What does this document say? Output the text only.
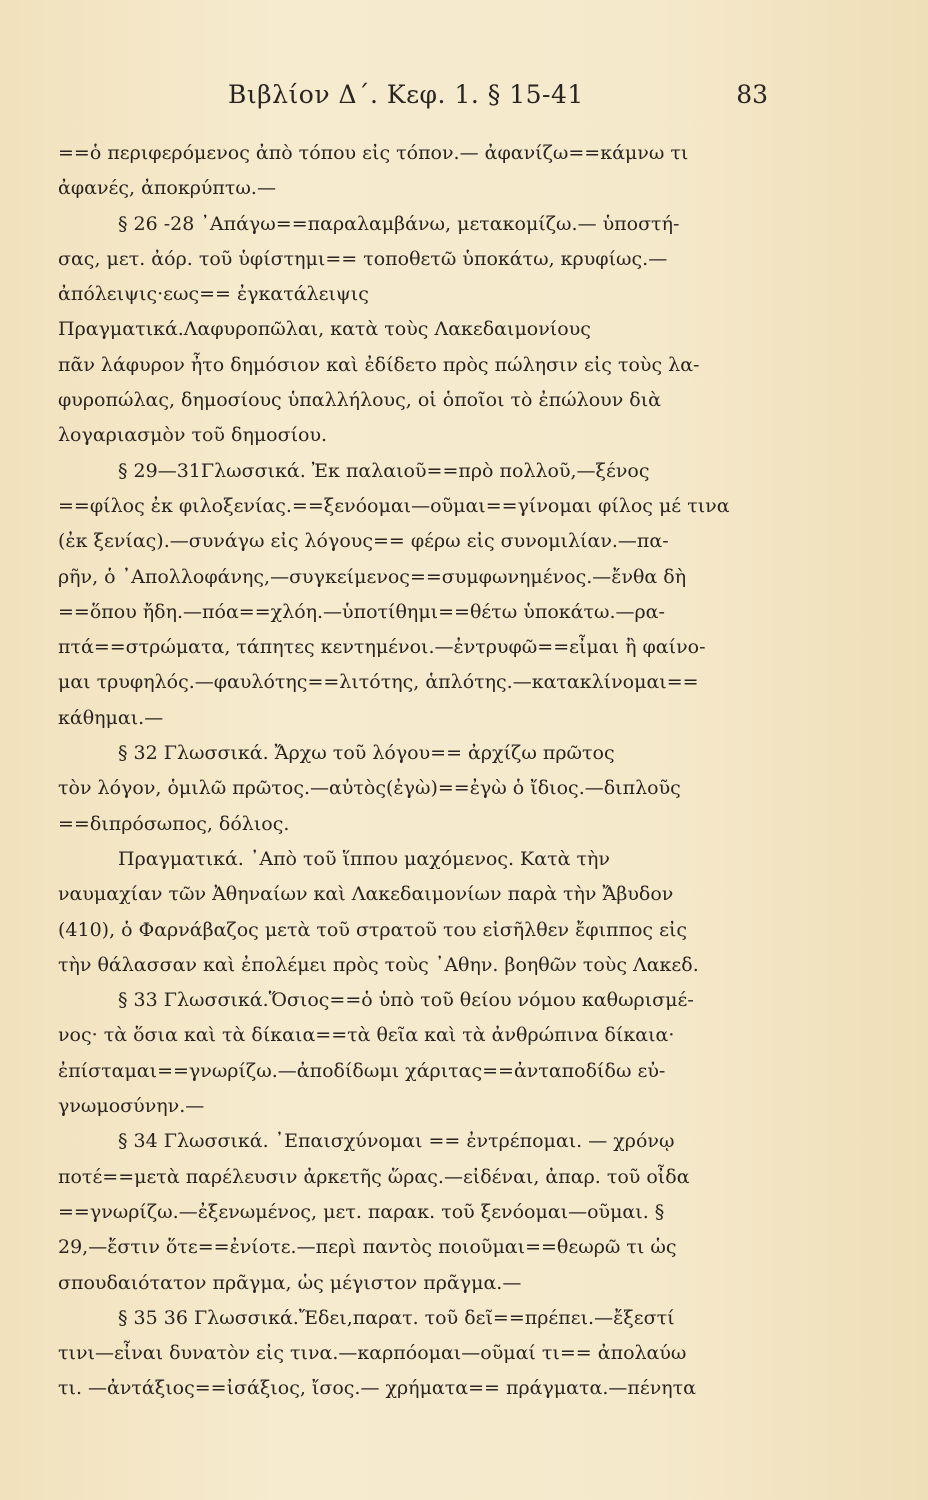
Βιβλίον Δ΄. Κεφ. 1. § 15-41	83
==ὁ περιφερόμενος ἀπὸ τόπου εἰς τόπον.— ἀφανίζω==κάμνω τι
ἀφανές, ἀποκρύπτω.—
§ 26 -28 ᾽Απάγω==παραλαμβάνω, μετακομίζω.— ὑποστή-
σας, μετ. ἀόρ. τοῦ ὑφίστημι== τοποθετῶ ὑποκάτω, κρυφίως.—
ἀπόλειψις·εως== ἐγκατάλειψις
Πραγματικά.Λαφυροπῶλαι, κατὰ τοὺς Λακεδαιμονίους
πᾶν λάφυρον ἦτο δημόσιον καὶ ἐδίδετο πρὸς πώλησιν εἰς τοὺς λα-
φυροπώλας, δημοσίους ὑπαλλήλους, οἱ ὁποῖοι τὸ ἐπώλουν διὰ
λογαριασμὸν τοῦ δημοσίου.
§ 29—31Γλωσσικά. Ἐκ παλαιοῦ==πρὸ πολλοῦ,—ξένος
==φίλος ἐκ φιλοξενίας.==ξενόομαι—οῦμαι==γίνομαι φίλος μέ τινα
(ἐκ ξενίας).—συνάγω εἰς λόγους== φέρω εἰς συνομιλίαν.—πα-
ρῆν, ὁ ᾽Απολλοφάνης,—συγκείμενος==συμφωνημένος.—ἔνθα δὴ
==ὅπου ἤδη.—πόα==χλόη.—ὑποτίθημι==θέτω ὑποκάτω.—ρα-
πτά==στρώματα, τάπητες κεντημένοι.—ἐντρυφῶ==εἶμαι ἢ φαίνο-
μαι τρυφηλός.—φαυλότης==λιτότης, ἁπλότης.—κατακλίνομαι==
κάθημαι.—
§ 32 Γλωσσικά. Ἄρχω τοῦ λόγου== ἀρχίζω πρῶτος
τὸν λόγον, ὁμιλῶ πρῶτος.—αὐτὸς(ἐγὼ)==ἐγὼ ὁ ἴδιος.—διπλοῦς
==διπρόσωπος, δόλιος.
Πραγματικά. ᾽Απὸ τοῦ ἵππου μαχόμενος. Κατὰ τὴν
ναυμαχίαν τῶν Ἀθηναίων καὶ Λακεδαιμονίων παρὰ τὴν Ἄβυδον
(410), ὁ Φαρνάβαζος μετὰ τοῦ στρατοῦ του εἰσῆλθεν ἔφιππος εἰς
τὴν θάλασσαν καὶ ἐπολέμει πρὸς τοὺς ᾽Αθην. βοηθῶν τοὺς Λακεδ.
§ 33 Γλωσσικά.Ὅσιος==ὁ ὑπὸ τοῦ θείου νόμου καθωρισμέ-
νος· τὰ ὅσια καὶ τὰ δίκαια==τὰ θεῖα καὶ τὰ ἀνθρώπινα δίκαια·
ἐπίσταμαι==γνωρίζω.—ἀποδίδωμι χάριτας==ἀνταποδίδω εὐ-
γνωμοσύνην.—
§ 34 Γλωσσικά. ᾽Επαισχύνομαι == ἐντρέπομαι. — χρόνῳ
ποτέ==μετὰ παρέλευσιν ἀρκετῆς ὥρας.—εἰδέναι, ἀπαρ. τοῦ οἶδα
==γνωρίζω.—ἐξενωμένος, μετ. παρακ. τοῦ ξενόομαι—οῦμαι. §
29,—ἔστιν ὅτε==ἐνίοτε.—περὶ παντὸς ποιοῦμαι==θεωρῶ τι ὡς
σπουδαιότατον πρᾶγμα, ὡς μέγιστον πρᾶγμα.—
§ 35 36 Γλωσσικά.Ἔδει,παρατ. τοῦ δεῖ==πρέπει.—ἔξεστί
τινι—εἶναι δυνατὸν εἰς τινα.—καρπόομαι—οῦμαί τι== ἀπολαύω
τι. —ἀντάξιος==ἰσάξιος, ἴσος.— χρήματα== πράγματα.—πένητα
